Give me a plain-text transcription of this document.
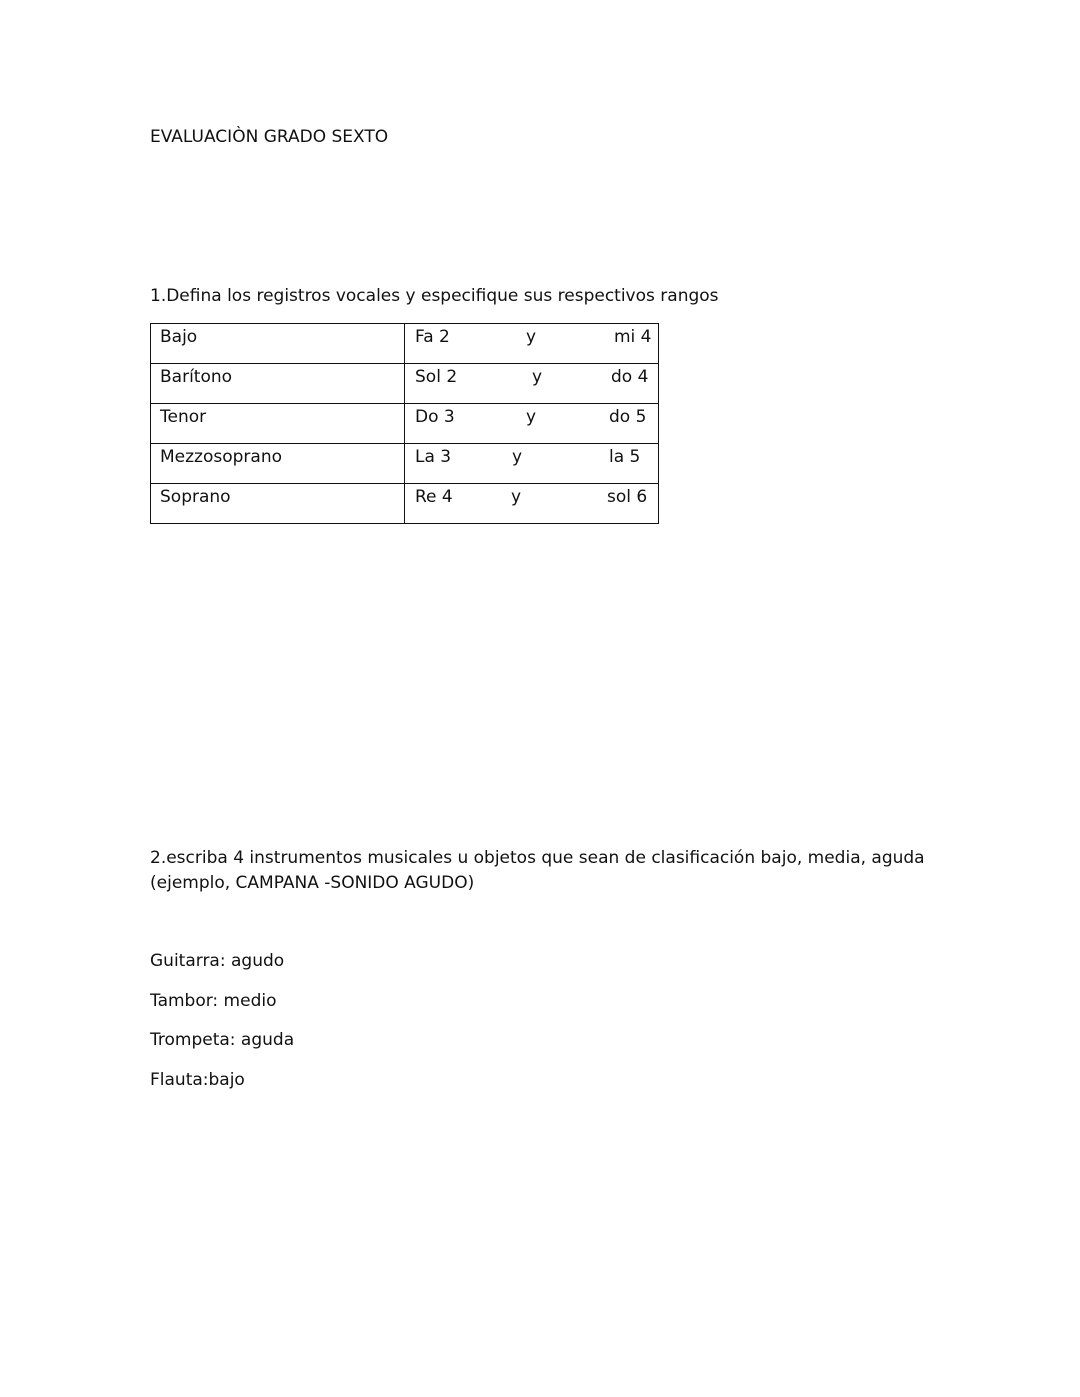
EVALUACIÒN GRADO SEXTO
1.Defina los registros vocales y especifique sus respectivos rangos
Bajo	Fa 2 y mi 4

Barítono	Sol 2 y do 4

Tenor	Do 3 y do 5

Mezzosoprano	La 3 y la 5

Soprano	Re 4 y sol 6
2.escriba 4 instrumentos musicales u objetos que sean de clasificación bajo, media, aguda
(ejemplo, CAMPANA -SONIDO AGUDO)
Guitarra: agudo
Tambor: medio
Trompeta: aguda
Flauta:bajo
